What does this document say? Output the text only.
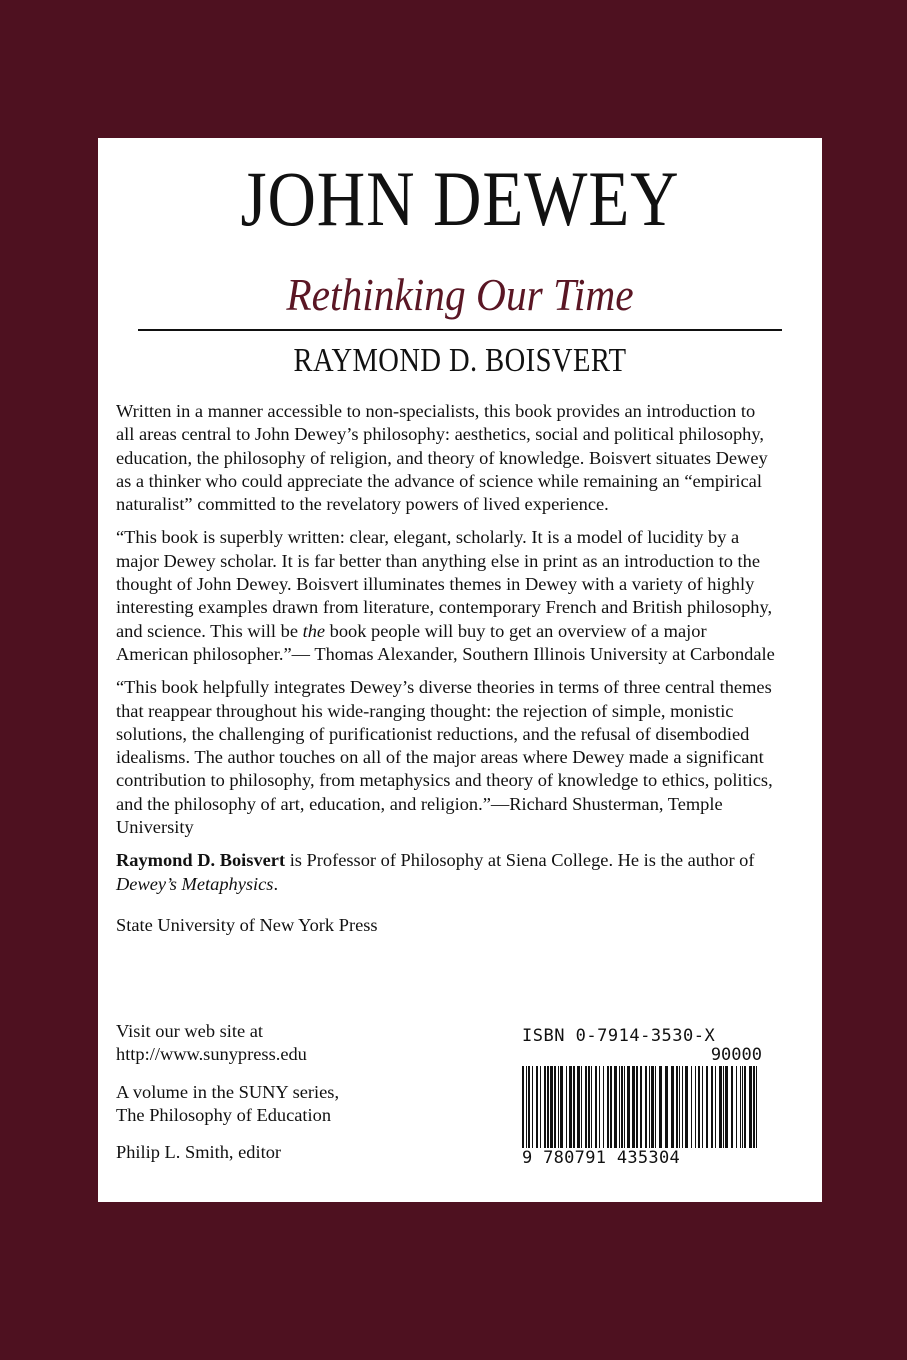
JOHN DEWEY
Rethinking Our Time
RAYMOND D. BOISVERT

Written in a manner accessible to non-specialists, this book provides an introduction to all areas central to John Dewey’s philosophy: aesthetics, social and political philosophy, education, the philosophy of religion, and theory of knowledge. Boisvert situates Dewey as a thinker who could appreciate the advance of science while remaining an “empirical naturalist” committed to the revelatory powers of lived experience.

“This book is superbly written: clear, elegant, scholarly. It is a model of lucidity by a major Dewey scholar. It is far better than anything else in print as an introduction to the thought of John Dewey. Boisvert illuminates themes in Dewey with a variety of highly interesting examples drawn from literature, contemporary French and British philosophy, and science. This will be the book people will buy to get an overview of a major American philosopher.”— Thomas Alexander, Southern Illinois University at Carbondale

“This book helpfully integrates Dewey’s diverse theories in terms of three central themes that reappear throughout his wide-ranging thought: the rejection of simple, monistic solutions, the challenging of purificationist reductions, and the refusal of disembodied idealisms. The author touches on all of the major areas where Dewey made a significant contribution to philosophy, from metaphysics and theory of knowledge to ethics, politics, and the philosophy of art, education, and religion.”—Richard Shusterman, Temple University

Raymond D. Boisvert is Professor of Philosophy at Siena College. He is the author of Dewey’s Metaphysics.

State University of New York Press

Visit our web site at
http://www.sunypress.edu

A volume in the SUNY series,
The Philosophy of Education

Philip L. Smith, editor

ISBN 0-7914-3530-X
90000
9 780791 435304
